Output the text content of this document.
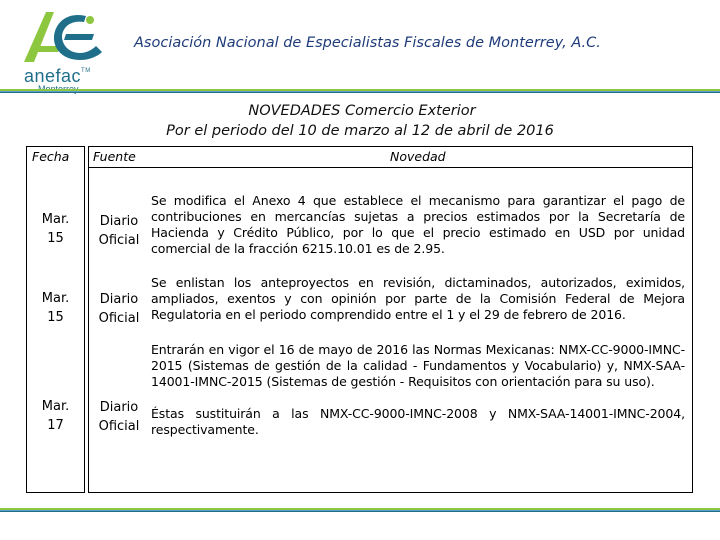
anefac™
Asociación Nacional de Especialistas Fiscales de Monterrey, A.C.
NOVEDADES Comercio Exterior
Por el periodo del 10 de marzo al 12 de abril de 2016
Fecha Fuente	Novedad
Mar.
15
Diario
Oficial

Se modifica el Anexo 4 que establece el mecanismo para garantizar el pago de contribuciones en mercancías sujetas a precios estimados por la Secretaría de Hacienda y Crédito Público, por lo que el precio estimado en USD por unidad comercial de la fracción 6215.10.01 es de 2.95.

Mar.
15
Diario
Oficial

Se enlistan los anteproyectos en revisión, dictaminados, autorizados, eximidos, ampliados, exentos y con opinión por parte de la Comisión Federal de Mejora Regulatoria en el periodo comprendido entre el 1 y el 29 de febrero de 2016.

Mar.
17
Diario
Oficial

Entrarán en vigor el 16 de mayo de 2016 las Normas Mexicanas: NMX-CC-9000-IMNC-2015 (Sistemas de gestión de la calidad - Fundamentos y Vocabulario) y, NMX-SAA-14001-IMNC-2015 (Sistemas de gestión - Requisitos con orientación para su uso).

Éstas sustituirán a las NMX-CC-9000-IMNC-2008 y NMX-SAA-14001-IMNC-2004, respectivamente.
